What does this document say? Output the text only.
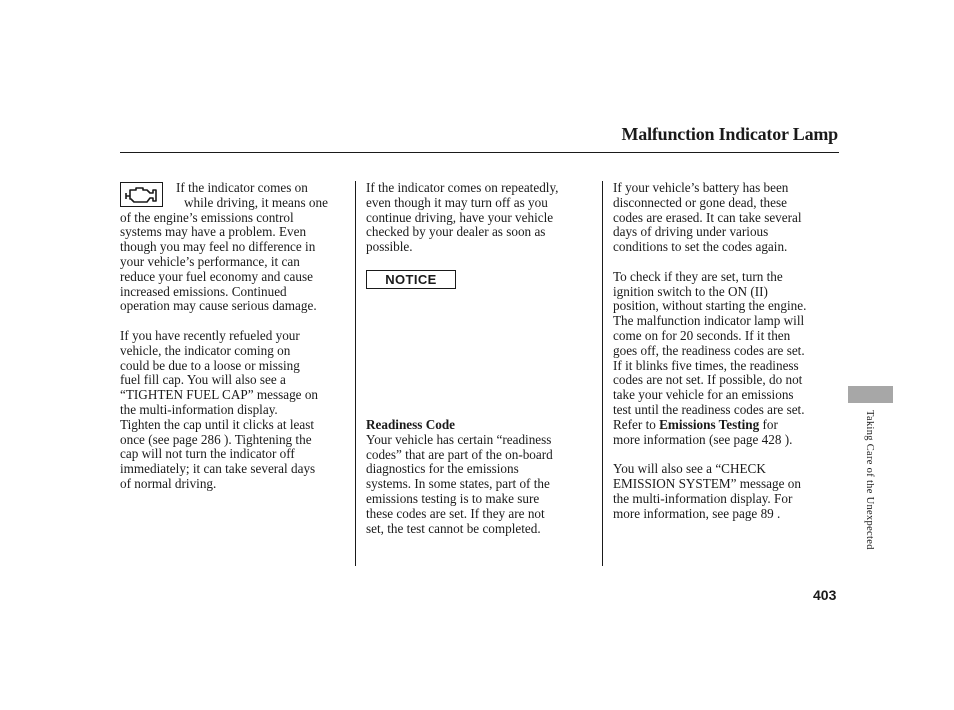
Malfunction Indicator Lamp

If the indicator comes on
while driving, it means one
of the engine’s emissions control
systems may have a problem. Even
though you may feel no difference in
your vehicle’s performance, it can
reduce your fuel economy and cause
increased emissions. Continued
operation may cause serious damage.

If you have recently refueled your
vehicle, the indicator coming on
could be due to a loose or missing
fuel fill cap. You will also see a
“TIGHTEN FUEL CAP” message on
the multi-information display.
Tighten the cap until it clicks at least
once (see page 286 ). Tightening the
cap will not turn the indicator off
immediately; it can take several days
of normal driving.

If the indicator comes on repeatedly,
even though it may turn off as you
continue driving, have your vehicle
checked by your dealer as soon as
possible.

NOTICE
Readiness Code
Your vehicle has certain “readiness
codes” that are part of the on-board
diagnostics for the emissions
systems. In some states, part of the
emissions testing is to make sure
these codes are set. If they are not
set, the test cannot be completed.

If your vehicle’s battery has been
disconnected or gone dead, these
codes are erased. It can take several
days of driving under various
conditions to set the codes again.

To check if they are set, turn the
ignition switch to the ON (II)
position, without starting the engine.
The malfunction indicator lamp will
come on for 20 seconds. If it then
goes off, the readiness codes are set.
If it blinks five times, the readiness
codes are not set. If possible, do not
take your vehicle for an emissions
test until the readiness codes are set.
Refer to Emissions Testing for
more information (see page 428 ).

You will also see a “CHECK
EMISSION SYSTEM” message on
the multi-information display. For
more information, see page 89 .	Taking Care of the Unexpected
403
